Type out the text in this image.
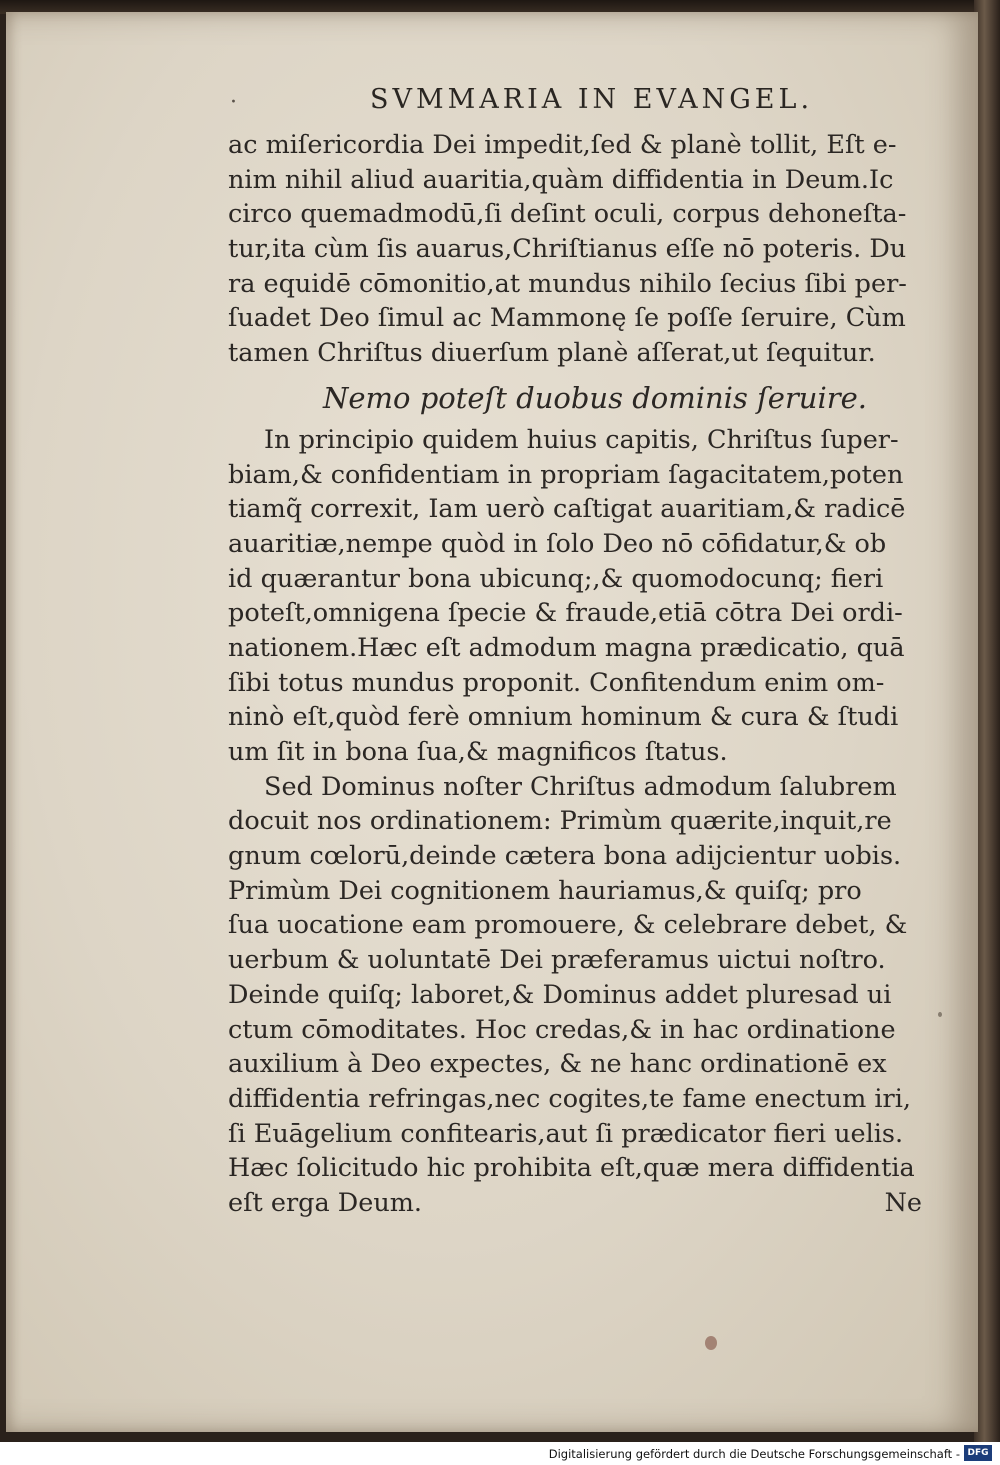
·	SVMMARIA IN EVANGEL.
ac miſericordia Dei impedit,ſed & planè tollit, Eſt e-
nim nihil aliud auaritia,quàm diffidentia in Deum.Ic
circo quemadmodū,ſi deſint oculi, corpus dehoneſta-
tur,ita cùm ſis auarus,Chriſtianus eſſe nō poteris. Du
ra equidē cōmonitio,at mundus nihilo ſecius ſibi per-
ſuadet Deo ſimul ac Mammonę ſe poſſe ſeruire, Cùm
tamen Chriſtus diuerſum planè aſſerat,ut ſequitur.
Nemo poteſt duobus dominis ſeruire.
In principio quidem huius capitis, Chriſtus ſuper-
biam,& confidentiam in propriam ſagacitatem,poten
tiamq̃ correxit, Iam uerò caſtigat auaritiam,& radicē
auaritiæ,nempe quòd in ſolo Deo nō cōfidatur,& ob
id quærantur bona ubicunq;,& quomodocunq; fieri
poteſt,omnigena ſpecie & fraude,etiā cōtra Dei ordi-
nationem.Hæc eſt admodum magna prædicatio, quā
ſibi totus mundus proponit. Confitendum enim om-
ninò eſt,quòd ferè omnium hominum & cura & ſtudi
um ſit in bona ſua,& magnificos ſtatus.
Sed Dominus noſter Chriſtus admodum ſalubrem
docuit nos ordinationem: Primùm quærite,inquit,re
gnum cœlorū,deinde cætera bona adijcientur uobis.
Primùm Dei cognitionem hauriamus,& quiſq; pro
ſua uocatione eam promouere, & celebrare debet, &
uerbum & uoluntatē Dei præferamus uictui noſtro.
Deinde quiſq; laboret,& Dominus addet pluresad ui
ctum cōmoditates. Hoc credas,& in hac ordinatione
auxilium à Deo expectes, & ne hanc ordinationē ex
diffidentia refringas,nec cogites,te fame enectum iri,
ſi Euāgelium confitearis,aut ſi prædicator fieri uelis.
Hæc ſolicitudo hic prohibita eſt,quæ mera diffidentia
eſt erga Deum.	Ne
Digitalisierung gefördert durch die Deutsche Forschungsgemeinschaft - DFG
